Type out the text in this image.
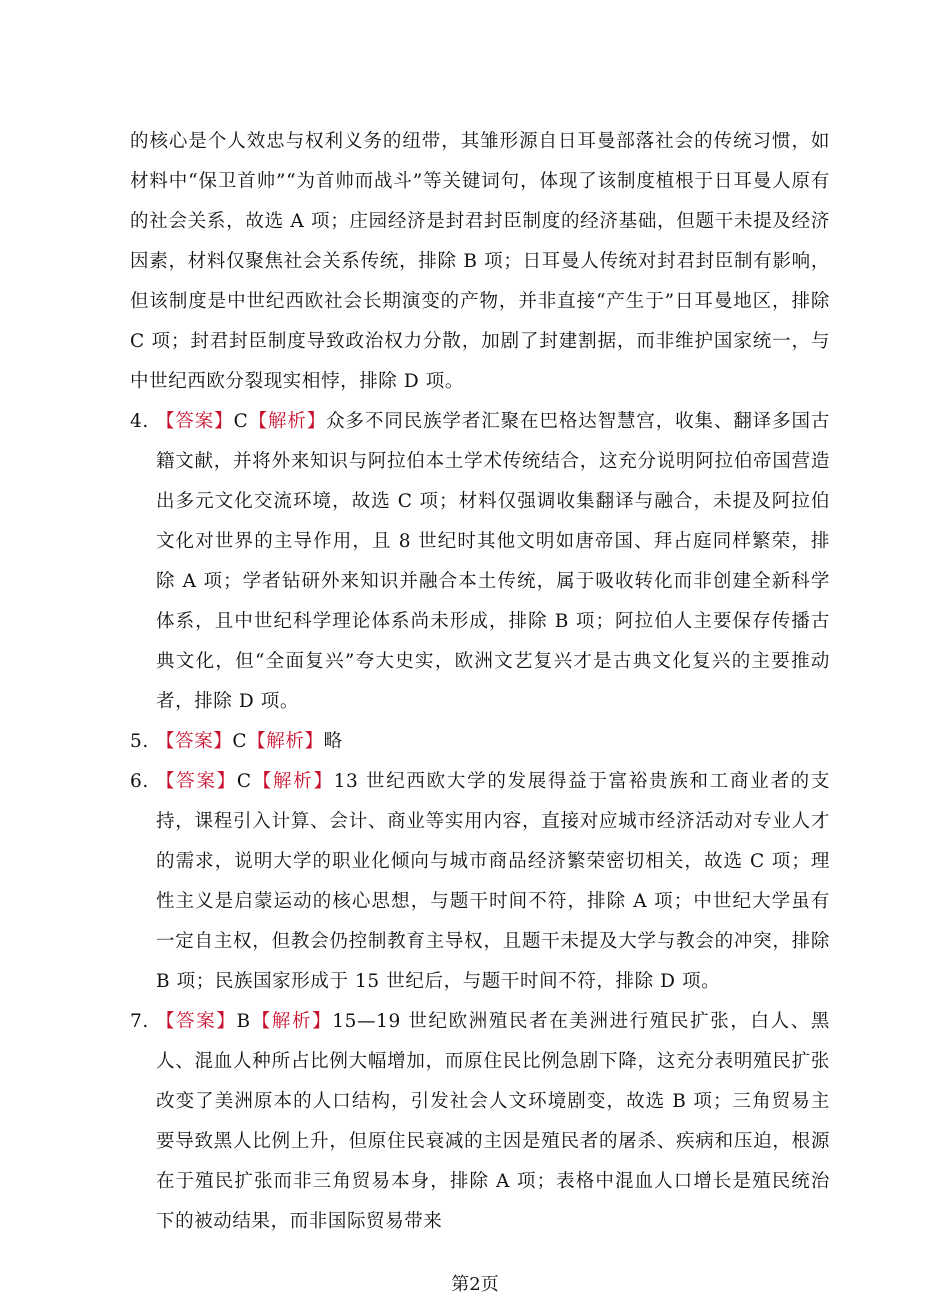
的核心是个人效忠与权利义务的纽带，其雏形源自日耳曼部落社会的传统习惯，如材料中“保卫首帅”“为首帅而战斗”等关键词句，体现了该制度植根于日耳曼人原有的社会关系，故选 A 项；庄园经济是封君封臣制度的经济基础，但题干未提及经济因素，材料仅聚焦社会关系传统，排除 B 项；日耳曼人传统对封君封臣制有影响，但该制度是中世纪西欧社会长期演变的产物，并非直接“产生于”日耳曼地区，排除 C 项；封君封臣制度导致政治权力分散，加剧了封建割据，而非维护国家统一，与中世纪西欧分裂现实相悖，排除 D 项。

4. 【答案】C【解析】众多不同民族学者汇聚在巴格达智慧宫，收集、翻译多国古籍文献，并将外来知识与阿拉伯本土学术传统结合，这充分说明阿拉伯帝国营造出多元文化交流环境，故选 C 项；材料仅强调收集翻译与融合，未提及阿拉伯文化对世界的主导作用，且 8 世纪时其他文明如唐帝国、拜占庭同样繁荣，排除 A 项；学者钻研外来知识并融合本土传统，属于吸收转化而非创建全新科学体系，且中世纪科学理论体系尚未形成，排除 B 项；阿拉伯人主要保存传播古典文化，但“全面复兴”夸大史实，欧洲文艺复兴才是古典文化复兴的主要推动者，排除 D 项。
5. 【答案】C【解析】略
6. 【答案】C【解析】13 世纪西欧大学的发展得益于富裕贵族和工商业者的支持，课程引入计算、会计、商业等实用内容，直接对应城市经济活动对专业人才的需求，说明大学的职业化倾向与城市商品经济繁荣密切相关，故选 C 项；理性主义是启蒙运动的核心思想，与题干时间不符，排除 A 项；中世纪大学虽有一定自主权，但教会仍控制教育主导权，且题干未提及大学与教会的冲突，排除 B 项；民族国家形成于 15 世纪后，与题干时间不符，排除 D 项。
7. 【答案】B【解析】15—19 世纪欧洲殖民者在美洲进行殖民扩张，白人、黑人、混血人种所占比例大幅增加，而原住民比例急剧下降，这充分表明殖民扩张改变了美洲原本的人口结构，引发社会人文环境剧变，故选 B 项；三角贸易主要导致黑人比例上升，但原住民衰减的主因是殖民者的屠杀、疾病和压迫，根源在于殖民扩张而非三角贸易本身，排除 A 项；表格中混血人口增长是殖民统治下的被动结果，而非国际贸易带来
第2页
